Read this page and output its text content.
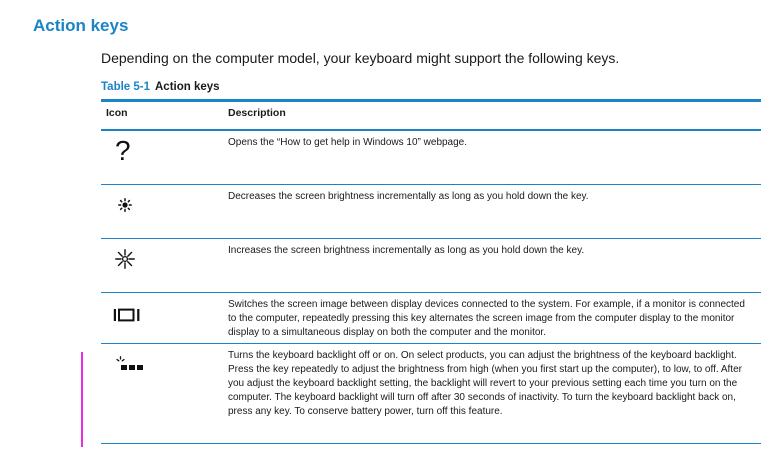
Action keys

Depending on the computer model, your keyboard might support the following keys.

Table 5-1 Action keys
Icon	Description
?	Opens the “How to get help in Windows 10” webpage.
	Decreases the screen brightness incrementally as long as you hold down the key.
	Increases the screen brightness incrementally as long as you hold down the key.
	Switches the screen image between display devices connected to the system. For example, if a monitor is connected to the computer, repeatedly pressing this key alternates the screen image from the computer display to the monitor display to a simultaneous display on both the computer and the monitor.
	Turns the keyboard backlight off or on. On select products, you can adjust the brightness of the keyboard backlight. Press the key repeatedly to adjust the brightness from high (when you first start up the computer), to low, to off. After you adjust the keyboard backlight setting, the backlight will revert to your previous setting each time you turn on the computer. The keyboard backlight will turn off after 30 seconds of inactivity. To turn the keyboard backlight back on, press any key. To conserve battery power, turn off this feature.
